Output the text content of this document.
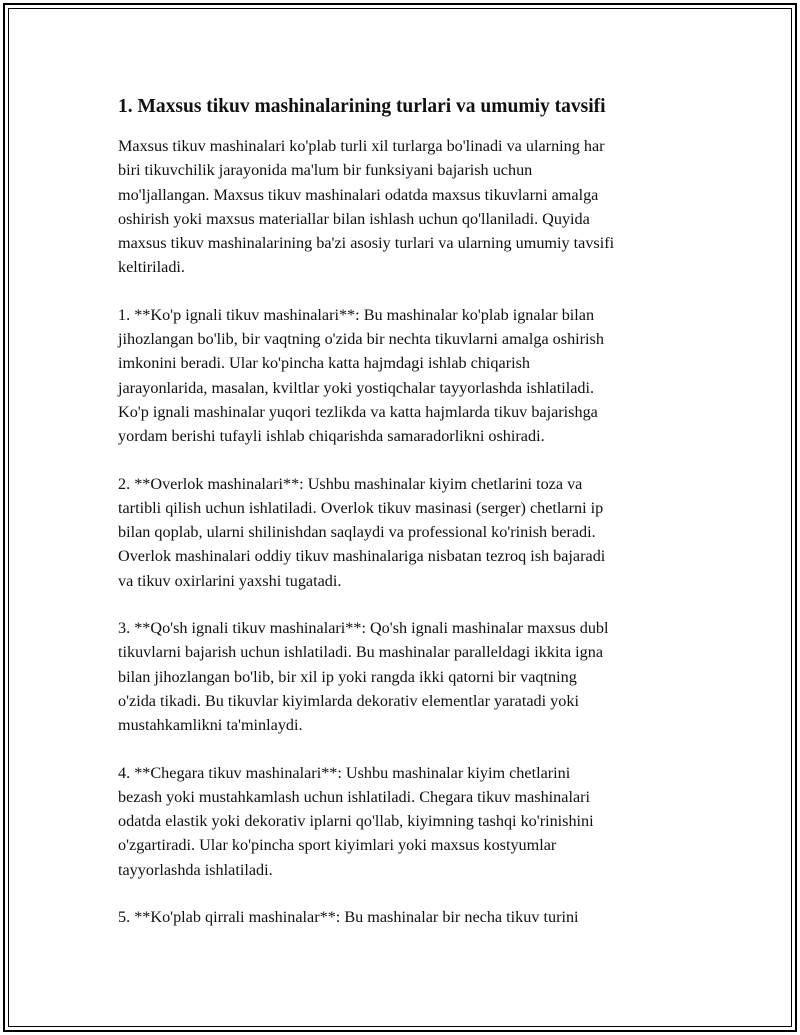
1. Maxsus tikuv mashinalarining turlari va umumiy tavsifi

Maxsus tikuv mashinalari ko'plab turli xil turlarga bo'linadi va ularning har
biri tikuvchilik jarayonida ma'lum bir funksiyani bajarish uchun
mo'ljallangan. Maxsus tikuv mashinalari odatda maxsus tikuvlarni amalga
oshirish yoki maxsus materiallar bilan ishlash uchun qo'llaniladi. Quyida
maxsus tikuv mashinalarining ba'zi asosiy turlari va ularning umumiy tavsifi
keltiriladi.

1. **Ko'p ignali tikuv mashinalari**: Bu mashinalar ko'plab ignalar bilan
jihozlangan bo'lib, bir vaqtning o'zida bir nechta tikuvlarni amalga oshirish
imkonini beradi. Ular ko'pincha katta hajmdagi ishlab chiqarish
jarayonlarida, masalan, kviltlar yoki yostiqchalar tayyorlashda ishlatiladi.
Ko'p ignali mashinalar yuqori tezlikda va katta hajmlarda tikuv bajarishga
yordam berishi tufayli ishlab chiqarishda samaradorlikni oshiradi.

2. **Overlok mashinalari**: Ushbu mashinalar kiyim chetlarini toza va
tartibli qilish uchun ishlatiladi. Overlok tikuv masinasi (serger) chetlarni ip
bilan qoplab, ularni shilinishdan saqlaydi va professional ko'rinish beradi.
Overlok mashinalari oddiy tikuv mashinalariga nisbatan tezroq ish bajaradi
va tikuv oxirlarini yaxshi tugatadi.

3. **Qo'sh ignali tikuv mashinalari**: Qo'sh ignali mashinalar maxsus dubl
tikuvlarni bajarish uchun ishlatiladi. Bu mashinalar paralleldagi ikkita igna
bilan jihozlangan bo'lib, bir xil ip yoki rangda ikki qatorni bir vaqtning
o'zida tikadi. Bu tikuvlar kiyimlarda dekorativ elementlar yaratadi yoki
mustahkamlikni ta'minlaydi.

4. **Chegara tikuv mashinalari**: Ushbu mashinalar kiyim chetlarini
bezash yoki mustahkamlash uchun ishlatiladi. Chegara tikuv mashinalari
odatda elastik yoki dekorativ iplarni qo'llab, kiyimning tashqi ko'rinishini
o'zgartiradi. Ular ko'pincha sport kiyimlari yoki maxsus kostyumlar
tayyorlashda ishlatiladi.

5. **Ko'plab qirrali mashinalar**: Bu mashinalar bir necha tikuv turini
